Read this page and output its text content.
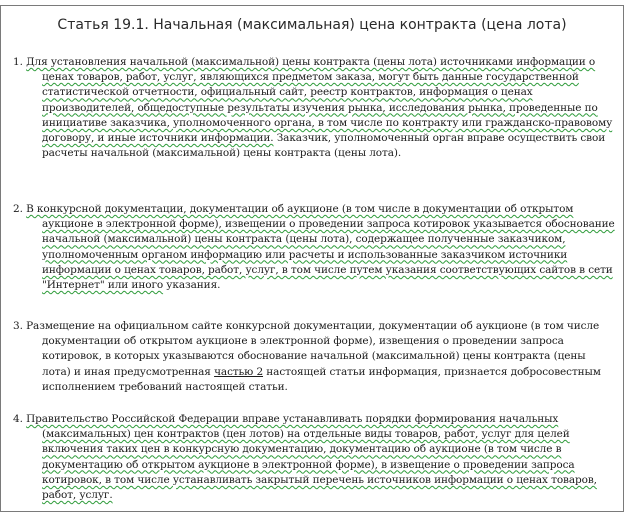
Статья 19.1. Начальная (максимальная) цена контракта (цена лота)
1. Для установления начальной (максимальной) цены контракта (цены лота) источниками информации о ценах товаров, работ, услуг, являющихся предметом заказа, могут быть данные государственной статистической отчетности, официальный сайт, реестр контрактов, информация о ценах производителей, общедоступные результаты изучения рынка, исследования рынка, проведенные по инициативе заказчика, уполномоченного органа, в том числе по контракту или гражданско-правовому договору, и иные источники информации. Заказчик, уполномоченный орган вправе осуществить свои расчеты начальной (максимальной) цены контракта (цены лота).
2. В конкурсной документации, документации об аукционе (в том числе в документации об открытом аукционе в электронной форме), извещении о проведении запроса котировок указывается обоснование начальной (максимальной) цены контракта (цены лота), содержащее полученные заказчиком, уполномоченным органом информацию или расчеты и использованные заказчиком источники информации о ценах товаров, работ, услуг, в том числе путем указания соответствующих сайтов в сети "Интернет" или иного указания.
3. Размещение на официальном сайте конкурсной документации, документации об аукционе (в том числе документации об открытом аукционе в электронной форме), извещения о проведении запроса котировок, в которых указываются обоснование начальной (максимальной) цены контракта (цены лота) и иная предусмотренная частью 2 настоящей статьи информация, признается добросовестным исполнением требований настоящей статьи.
4. Правительство Российской Федерации вправе устанавливать порядки формирования начальных (максимальных) цен контрактов (цен лотов) на отдельные виды товаров, работ, услуг для целей включения таких цен в конкурсную документацию, документацию об аукционе (в том числе в документацию об открытом аукционе в электронной форме), в извещение о проведении запроса котировок, в том числе устанавливать закрытый перечень источников информации о ценах товаров, работ, услуг.
